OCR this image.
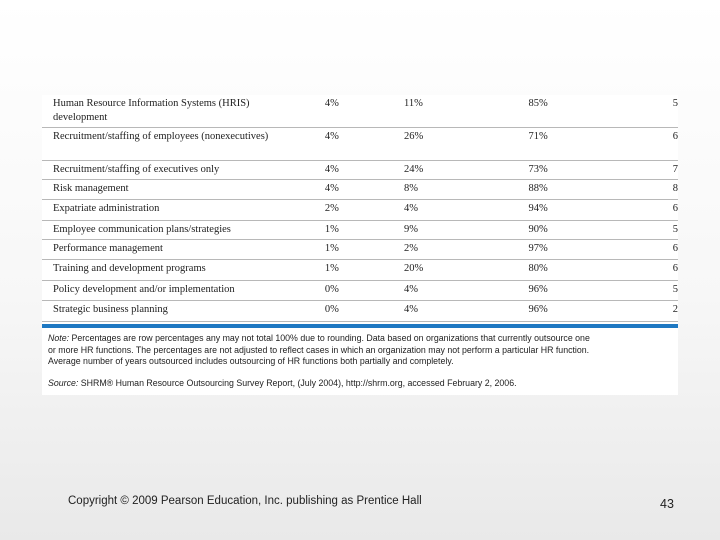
Human Resource Information Systems (HRIS) development	4%	11%	85%	5
Recruitment/staffing of employees (nonexecutives)	4%	26%	71%	6
Recruitment/staffing of executives only	4%	24%	73%	7
Risk management	4%	8%	88%	8
Expatriate administration	2%	4%	94%	6
Employee communication plans/strategies	1%	9%	90%	5
Performance management	1%	2%	97%	6
Training and development programs	1%	20%	80%	6
Policy development and/or implementation	0%	4%	96%	5
Strategic business planning	0%	4%	96%	2

Note: Percentages are row percentages any may not total 100% due to rounding. Data based on organizations that currently outsource one

or more HR functions. The percentages are not adjusted to reflect cases in which an organization may not perform a particular HR function.

Average number of years outsourced includes outsourcing of HR functions both partially and completely.

Source: SHRM® Human Resource Outsourcing Survey Report, (July 2004), http://shrm.org, accessed February 2, 2006.
Copyright © 2009 Pearson Education, Inc. publishing as Prentice Hall	43
